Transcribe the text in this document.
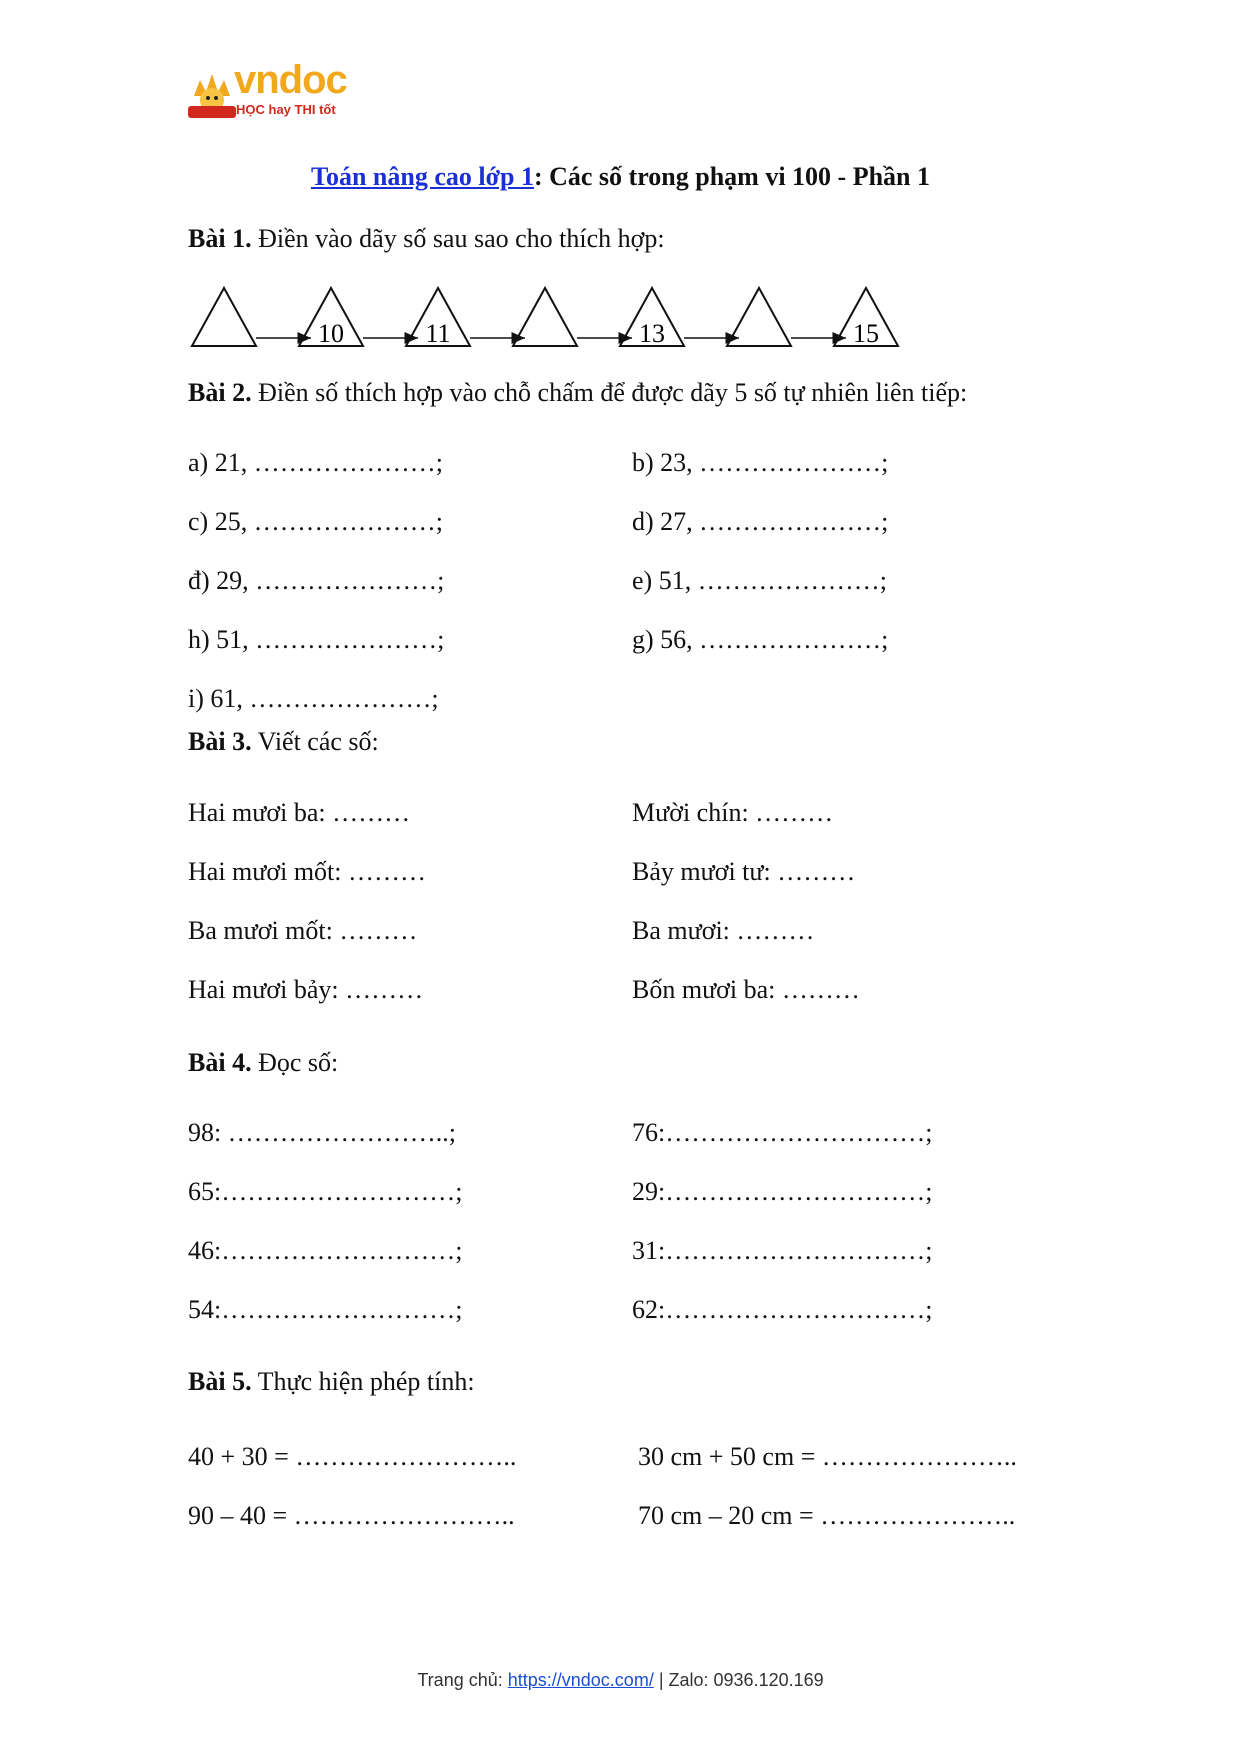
vndoc
HỌC hay THI tốt
Toán nâng cao lớp 1: Các số trong phạm vi 100 - Phần 1
Bài 1. Điền vào dãy số sau sao cho thích hợp:
10	11	13	15
Bài 2. Điền số thích hợp vào chỗ chấm để được dãy 5 số tự nhiên liên tiếp:
a) 21, …………………;	b) 23, …………………;
c) 25, …………………;	d) 27, …………………;
đ) 29, …………………;	e) 51, …………………;
h) 51, …………………;	g) 56, …………………;
i) 61, …………………;
Bài 3. Viết các số:
Hai mươi ba: ………	Mười chín: ………
Hai mươi mốt: ………	Bảy mươi tư: ………
Ba mươi mốt: ………	Ba mươi: ………
Hai mươi bảy: ………	Bốn mươi ba: ………
Bài 4. Đọc số:
98: ……………………..;	76:…………………………;
65:………………………;	29:…………………………;
46:………………………;	31:…………………………;
54:………………………;	62:…………………………;
Bài 5. Thực hiện phép tính:
40 + 30 = ……………………..	30 cm + 50 cm = …………………..
90 – 40 = ……………………..	70 cm – 20 cm = …………………..
Trang chủ: https://vndoc.com/ | Zalo: 0936.120.169
